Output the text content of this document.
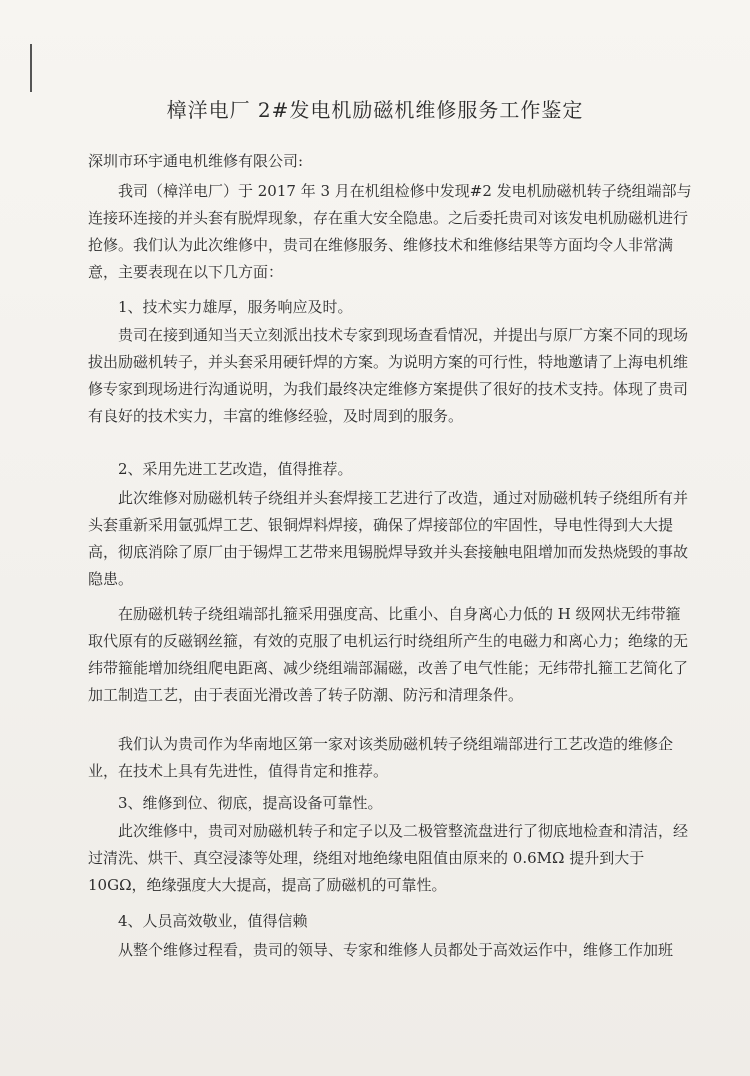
樟洋电厂 2#发电机励磁机维修服务工作鉴定

深圳市环宇通电机维修有限公司:

我司（樟洋电厂）于 2017 年 3 月在机组检修中发现#2 发电机励磁机转子绕组端部与连接环连接的并头套有脱焊现象，存在重大安全隐患。之后委托贵司对该发电机励磁机进行抢修。我们认为此次维修中，贵司在维修服务、维修技术和维修结果等方面均令人非常满意，主要表现在以下几方面：

1、技术实力雄厚，服务响应及时。

贵司在接到通知当天立刻派出技术专家到现场查看情况，并提出与原厂方案不同的现场拔出励磁机转子，并头套采用硬钎焊的方案。为说明方案的可行性，特地邀请了上海电机维修专家到现场进行沟通说明，为我们最终决定维修方案提供了很好的技术支持。体现了贵司有良好的技术实力，丰富的维修经验，及时周到的服务。

2、采用先进工艺改造，值得推荐。

此次维修对励磁机转子绕组并头套焊接工艺进行了改造，通过对励磁机转子绕组所有并头套重新采用氩弧焊工艺、银铜焊料焊接，确保了焊接部位的牢固性，导电性得到大大提高，彻底消除了原厂由于锡焊工艺带来甩锡脱焊导致并头套接触电阻增加而发热烧毁的事故隐患。

在励磁机转子绕组端部扎箍采用强度高、比重小、自身离心力低的 H 级网状无纬带箍取代原有的反磁钢丝箍，有效的克服了电机运行时绕组所产生的电磁力和离心力；绝缘的无纬带箍能增加绕组爬电距离、减少绕组端部漏磁，改善了电气性能；无纬带扎箍工艺简化了加工制造工艺，由于表面光滑改善了转子防潮、防污和清理条件。

我们认为贵司作为华南地区第一家对该类励磁机转子绕组端部进行工艺改造的维修企业，在技术上具有先进性，值得肯定和推荐。

3、维修到位、彻底，提高设备可靠性。

此次维修中，贵司对励磁机转子和定子以及二极管整流盘进行了彻底地检查和清洁，经过清洗、烘干、真空浸漆等处理，绕组对地绝缘电阻值由原来的 0.6MΩ 提升到大于 10GΩ，绝缘强度大大提高，提高了励磁机的可靠性。

4、人员高效敬业，值得信赖

从整个维修过程看，贵司的领导、专家和维修人员都处于高效运作中，维修工作加班
